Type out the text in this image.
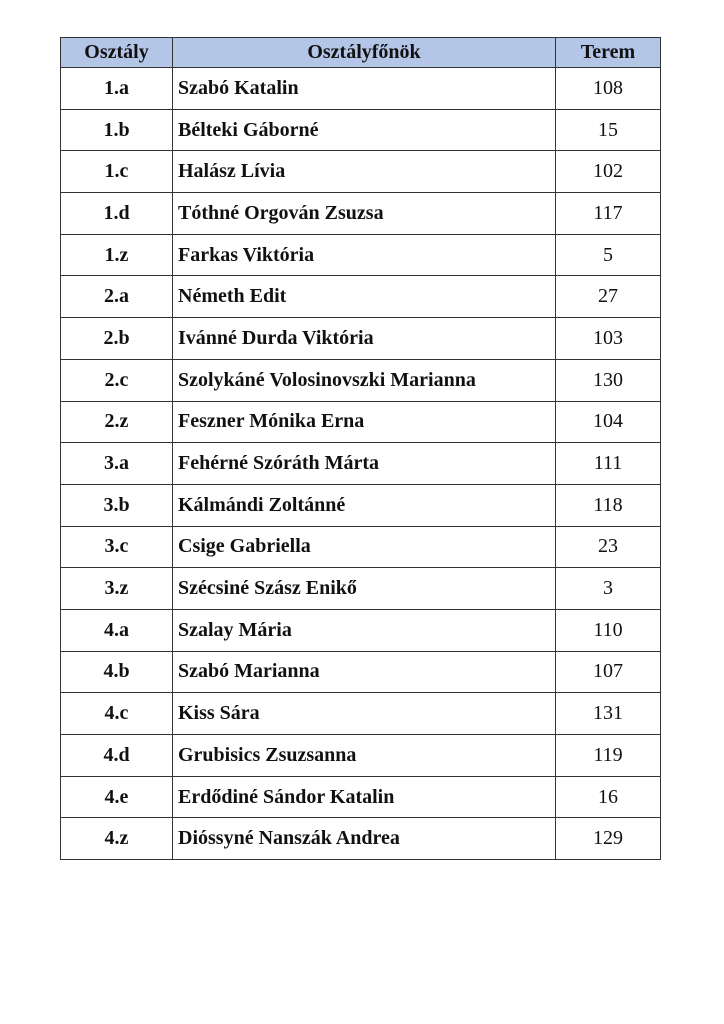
Osztály	Osztályfőnök	Terem
1.a	Szabó Katalin	108
1.b	Bélteki Gáborné	15
1.c	Halász Lívia	102
1.d	Tóthné Orgován Zsuzsa	117
1.z	Farkas Viktória	5
2.a	Németh Edit	27
2.b	Ivánné Durda Viktória	103
2.c	Szolykáné Volosinovszki Marianna	130
2.z	Feszner Mónika Erna	104
3.a	Fehérné Szóráth Márta	111
3.b	Kálmándi Zoltánné	118
3.c	Csige Gabriella	23
3.z	Szécsiné Szász Enikő	3
4.a	Szalay Mária	110
4.b	Szabó Marianna	107
4.c	Kiss Sára	131
4.d	Grubisics Zsuzsanna	119
4.e	Erdődiné Sándor Katalin	16
4.z	Dióssyné Nanszák Andrea	129
